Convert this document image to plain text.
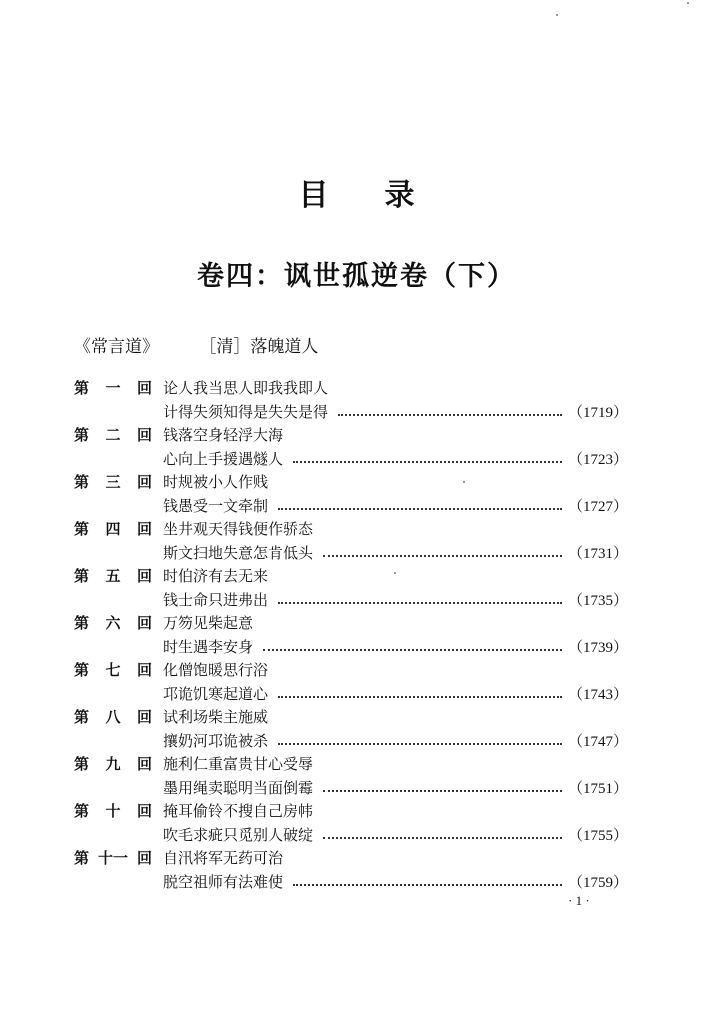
目录
卷四：讽世孤逆卷（下）
《常言道》 ［清］落魄道人
第 一 回 论人我当思人即我我即人
计得失须知得是失失是得	（1719）
第 二 回 钱落空身轻浮大海
心向上手援遇燧人	（1723）
第 三 回 时规被小人作贱
钱愚受一文牵制	（1727）
第 四 回 坐井观天得钱便作骄态
斯文扫地失意怎肯低头	（1731）
第 五 回 时伯济有去无来
钱士命只进弗出	（1735）
第 六 回 万笏见柴起意
时生遇李安身	（1739）
第 七 回 化僧饱暖思行浴
邛诡饥寒起道心	（1743）
第 八 回 试利场柴主施威
攘奶河邛诡被杀	（1747）
第 九 回 施利仁重富贵甘心受辱
墨用绳卖聪明当面倒霉	（1751）
第 十 回 掩耳偷铃不搜自己房帏
吹毛求疵只觅别人破绽	（1755）
第 十一 回 自汛将军无药可治
脱空祖师有法难使	（1759）
· 1 ·
